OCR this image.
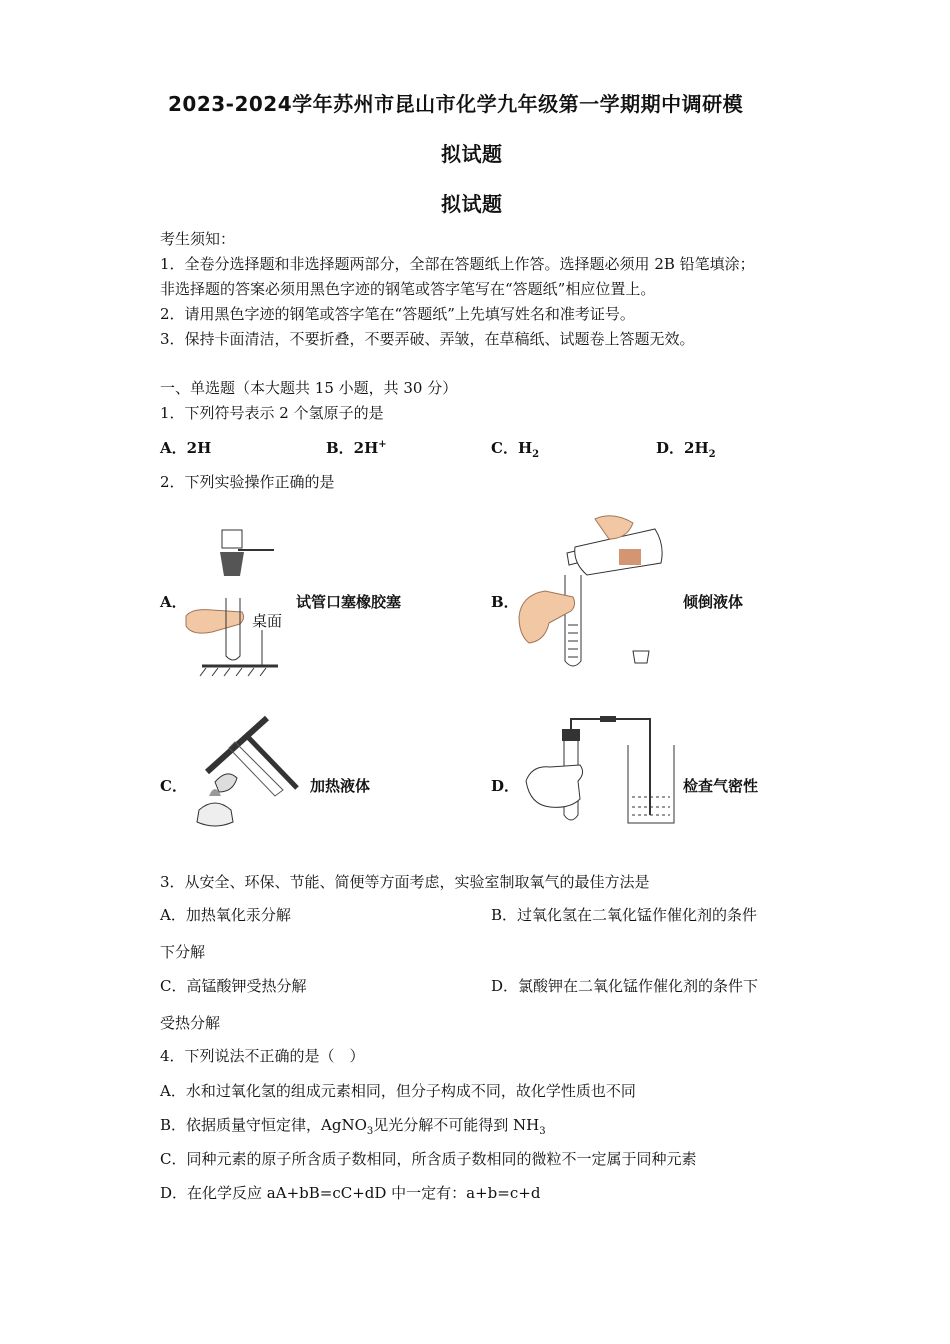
2023-2024学年苏州市昆山市化学九年级第一学期期中调研模
拟试题
拟试题
考生须知：
1．全卷分选择题和非选择题两部分，全部在答题纸上作答。选择题必须用 2B 铅笔填涂；
非选择题的答案必须用黑色字迹的钢笔或答字笔写在“答题纸”相应位置上。
2．请用黑色字迹的钢笔或答字笔在“答题纸”上先填写姓名和准考证号。
3．保持卡面清洁，不要折叠，不要弄破、弄皱，在草稿纸、试题卷上答题无效。
一、单选题（本大题共 15 小题，共 30 分）
1．下列符号表示 2 个氢原子的是
A．2H	B．2H+	C．$H_2$	D．$2H_2$
2．下列实验操作正确的是
A．
桌面
试管口塞橡胶塞	B．	倾倒液体
C．	加热液体	D．	检查气密性
3．从安全、环保、节能、简便等方面考虑，实验室制取氧气的最佳方法是
A．加热氧化汞分解	B．过氧化氢在二氧化锰作催化剂的条件
下分解
C．高锰酸钾受热分解	D．氯酸钾在二氧化锰作催化剂的条件下
受热分解
4．下列说法不正确的是（　）
A．水和过氧化氢的组成元素相同，但分子构成不同，故化学性质也不同
B．依据质量守恒定律，AgNO$_3$见光分解不可能得到 $NH_3$
C．同种元素的原子所含质子数相同，所含质子数相同的微粒不一定属于同种元素
D．在化学反应 aA+bB=cC+dD 中一定有：a+b=c+d
